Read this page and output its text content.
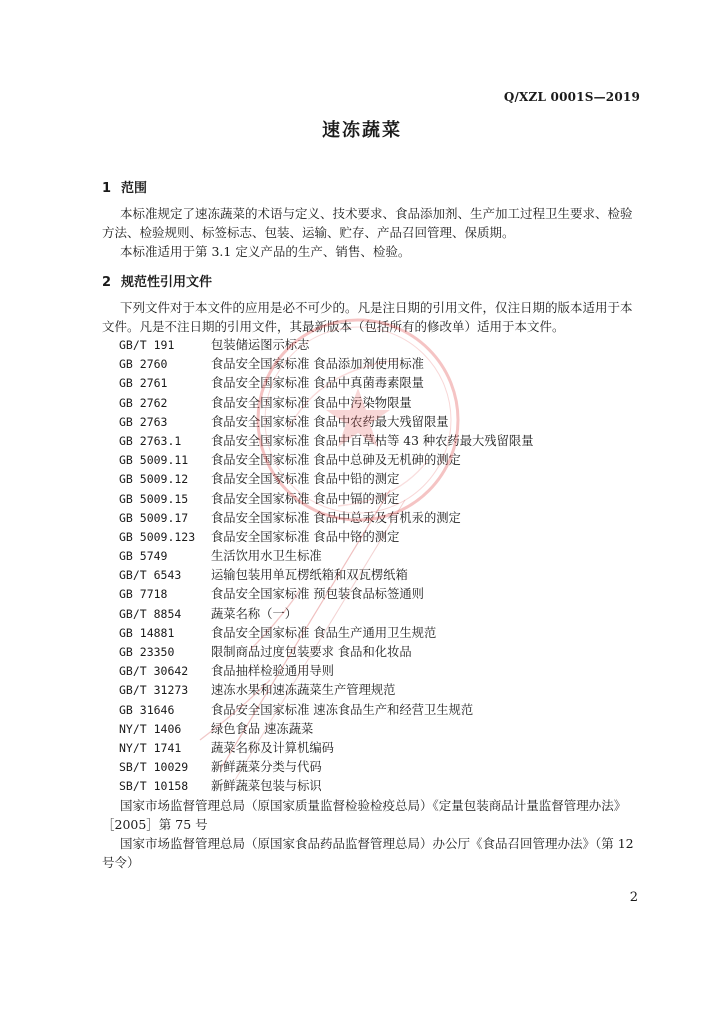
Q/XZL 0001S—2019
速冻蔬菜
1 范围
本标准规定了速冻蔬菜的术语与定义、技术要求、食品添加剂、生产加工过程卫生要求、检验方法、检验规则、标签标志、包装、运输、贮存、产品召回管理、保质期。
本标准适用于第 3.1 定义产品的生产、销售、检验。
2 规范性引用文件
下列文件对于本文件的应用是必不可少的。凡是注日期的引用文件，仅注日期的版本适用于本文件。凡是不注日期的引用文件，其最新版本（包括所有的修改单）适用于本文件。
GB/T 191	包装储运图示标志
GB 2760	食品安全国家标准 食品添加剂使用标准
GB 2761	食品安全国家标准 食品中真菌毒素限量
GB 2762	食品安全国家标准 食品中污染物限量
GB 2763	食品安全国家标准 食品中农药最大残留限量
GB 2763.1	食品安全国家标准 食品中百草枯等 43 种农药最大残留限量
GB 5009.11	食品安全国家标准 食品中总砷及无机砷的测定
GB 5009.12	食品安全国家标准 食品中铅的测定
GB 5009.15	食品安全国家标准 食品中镉的测定
GB 5009.17	食品安全国家标准 食品中总汞及有机汞的测定
GB 5009.123	食品安全国家标准 食品中铬的测定
GB 5749	生活饮用水卫生标准
GB/T 6543	运输包装用单瓦楞纸箱和双瓦楞纸箱
GB 7718	食品安全国家标准 预包装食品标签通则
GB/T 8854	蔬菜名称（一）
GB 14881	食品安全国家标准 食品生产通用卫生规范
GB 23350	限制商品过度包装要求 食品和化妆品
GB/T 30642	食品抽样检验通用导则
GB/T 31273	速冻水果和速冻蔬菜生产管理规范
GB 31646	食品安全国家标准 速冻食品生产和经营卫生规范
NY/T 1406	绿色食品 速冻蔬菜
NY/T 1741	蔬菜名称及计算机编码
SB/T 10029	新鲜蔬菜分类与代码
SB/T 10158	新鲜蔬菜包装与标识
国家市场监督管理总局（原国家质量监督检验检疫总局）《定量包装商品计量监督管理办法》［2005］第 75 号
国家市场监督管理总局（原国家食品药品监督管理总局）办公厅《食品召回管理办法》（第 12 号令）
2
